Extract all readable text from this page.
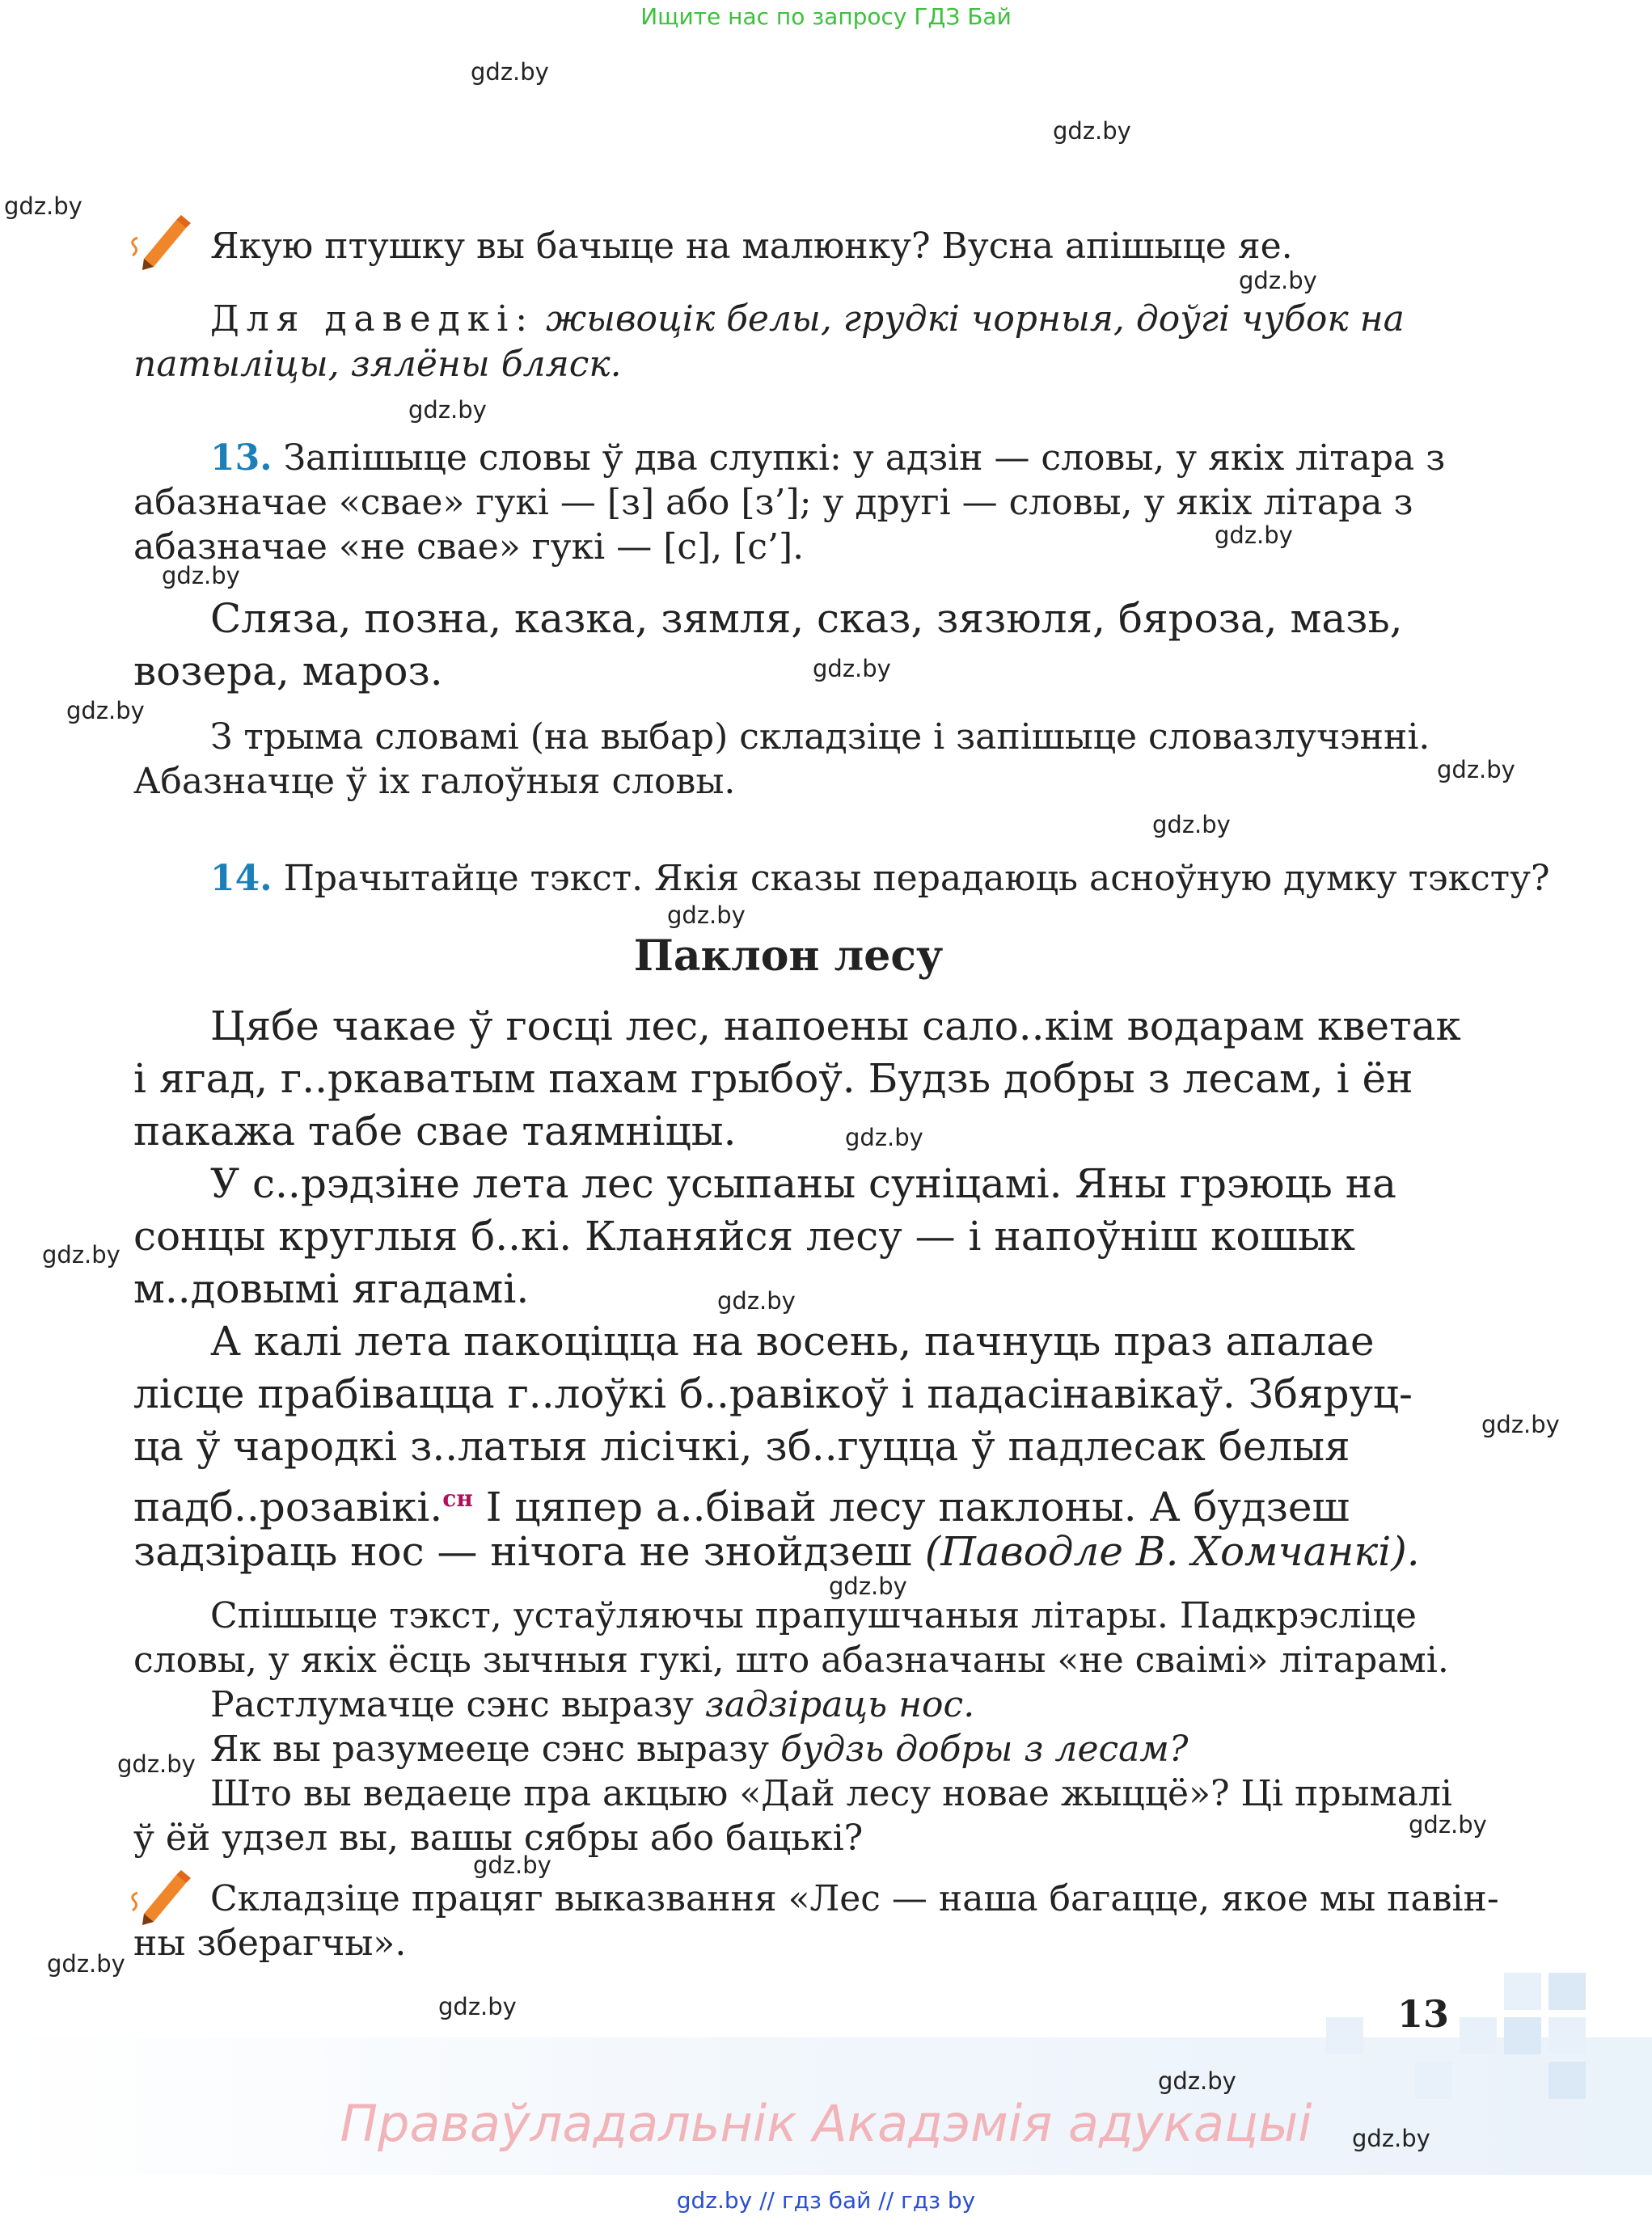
Ищите нас по запросу ГДЗ Бай
gdz.by
gdz.by
gdz.by
gdz.by
gdz.by
gdz.by
gdz.by
gdz.by
gdz.by
gdz.by
gdz.by
gdz.by
gdz.by
gdz.by
gdz.by
gdz.by
gdz.by
gdz.by
gdz.by
gdz.by
gdz.by
gdz.by
gdz.by
gdz.by
Якую птушку вы бачыце на малюнку? Вусна апішыце яе.
Для даведкі: жывоцік белы, грудкі чорныя, доўгі чубок на
патыліцы, зялёны бляск.
13. Запішыце словы ў два слупкі: у адзін — словы, у якіх літара з
абазначае «свае» гукі — [з] або [з’]; у другі — словы, у якіх літара з
абазначае «не свае» гукі — [с], [с’].
Сляза, позна, казка, зямля, сказ, зязюля, бяроза, мазь,
возера, мароз.
З трыма словамі (на выбар) складзіце і запішыце словазлучэнні.
Абазначце ў іх галоўныя словы.
14. Прачытайце тэкст. Якія сказы перадаюць асноўную думку тэксту?
Паклон лесу
Цябе чакае ў госці лес, напоены сало..кім водарам кветак
і ягад, г..ркаватым пахам грыбоў. Будзь добры з лесам, і ён
пакажа табе свае таямніцы.
У с..рэдзіне лета лес усыпаны суніцамі. Яны грэюць на
сонцы круглыя б..кі. Кланяйся лесу — і напоўніш кошык
м..довымі ягадамі.
А калі лета пакоціцца на восень, пачнуць праз апалае
лісце прабівацца г..лоўкі б..равікоў і падасінавікаў. Збяруц-
ца ў чародкі з..латыя лісічкі, зб..гуцца ў падлесак белыя
падб..розавікі.$^{сн}$ І цяпер а..бівай лесу паклоны. А будзеш
задзіраць нос — нічога не знойдзеш (Паводле В. Хомчанкі).
Спішыце тэкст, устаўляючы прапушчаныя літары. Падкрэсліце
словы, у якіх ёсць зычныя гукі, што абазначаны «не сваімі» літарамі.
Растлумачце сэнс выразу задзіраць нос.
Як вы разумееце сэнс выразу будзь добры з лесам?
Што вы ведаеце пра акцыю «Дай лесу новае жыццё»? Ці прымалі
ў ёй удзел вы, вашы сябры або бацькі?
Складзіце працяг выказвання «Лес — наша багацце, якое мы павін-
ны зберагчы».
13
Праваўладальнік Акадэмія адукацыі
gdz.by // гдз бай // гдз by
